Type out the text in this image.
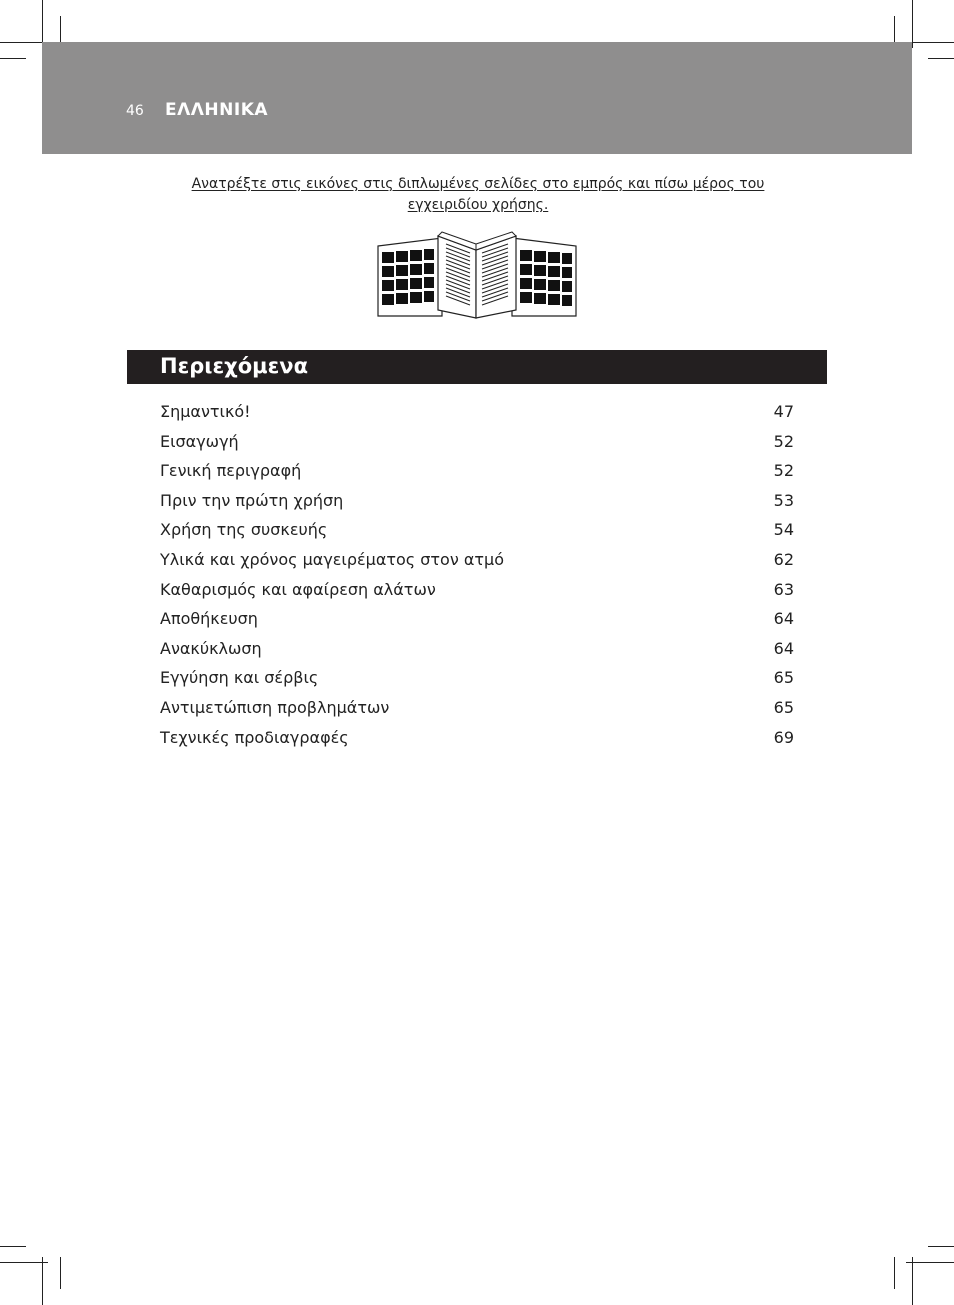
46 ΕΛΛΗΝΙΚΑ
Ανατρέξτε στις εικόνες στις διπλωμένες σελίδες στο εμπρός και πίσω μέρος του
εγχειριδίου χρήσης.
Περιεχόμενα
Σημαντικό!	47
Εισαγωγή	52
Γενική περιγραφή	52
Πριν την πρώτη χρήση	53
Χρήση της συσκευής	54
Υλικά και χρόνος μαγειρέματος στον ατμό	62
Καθαρισμός και αφαίρεση αλάτων	63
Αποθήκευση	64
Ανακύκλωση	64
Εγγύηση και σέρβις	65
Αντιμετώπιση προβλημάτων	65
Τεχνικές προδιαγραφές	69
